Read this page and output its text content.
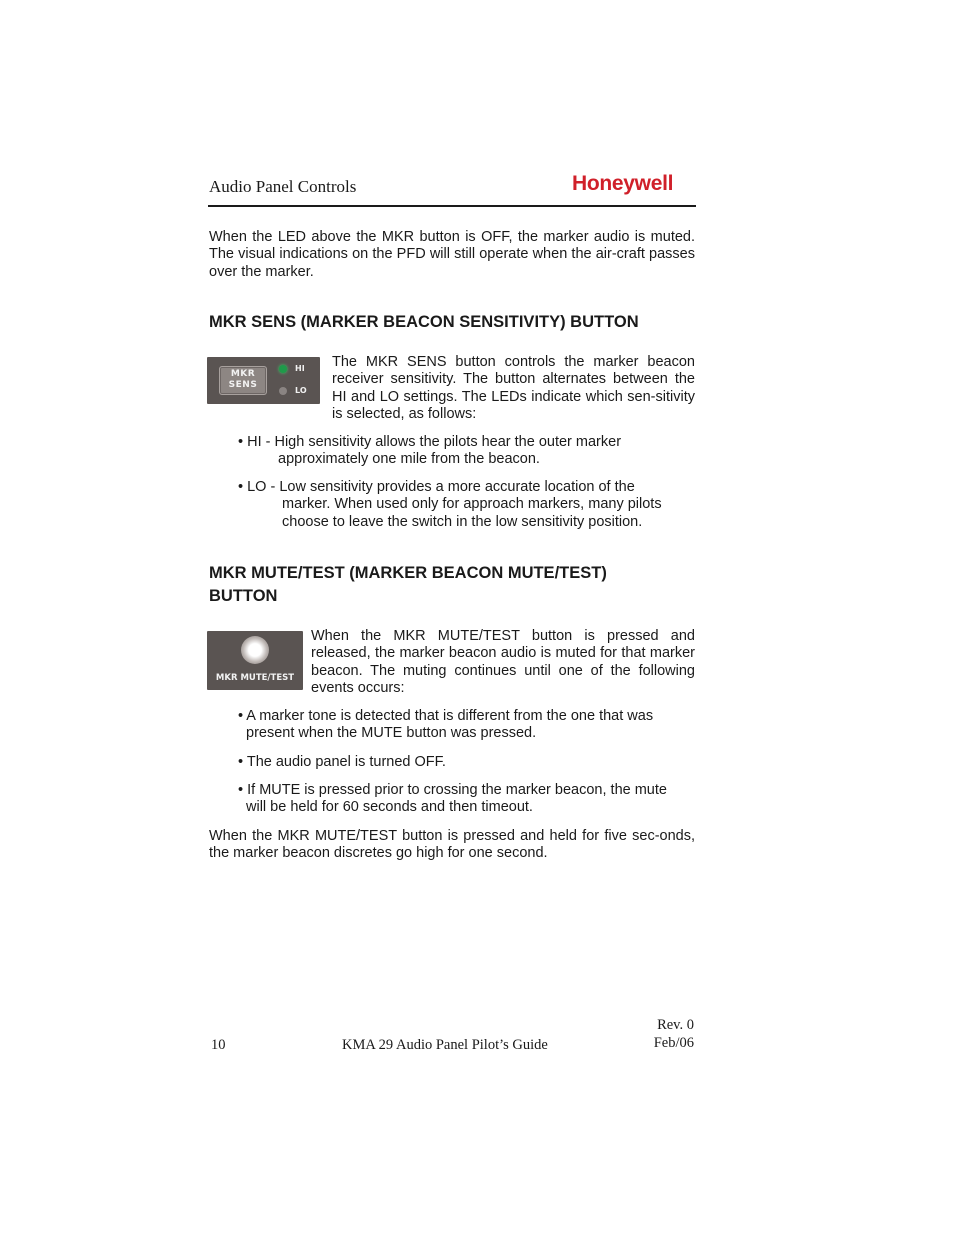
Audio Panel Controls	Honeywell
When the LED above the MKR button is OFF, the marker audio is muted. The visual indications on the PFD will still operate when the air-craft passes over the marker.
MKR SENS (MARKER BEACON SENSITIVITY) BUTTON
MKR
SENS
HI
LO
The MKR SENS button controls the marker beacon receiver sensitivity. The button alternates between the HI and LO settings. The LEDs indicate which sen-sitivity is selected, as follows:
• HI - High sensitivity allows the pilots hear the outer marker
approximately one mile from the beacon.
• LO - Low sensitivity provides a more accurate location of the
marker. When used only for approach markers, many pilots choose to leave the switch in the low sensitivity position.
MKR MUTE/TEST (MARKER BEACON MUTE/TEST)
BUTTON
MKR MUTE/TEST
When the MKR MUTE/TEST button is pressed and released, the marker beacon audio is muted for that marker beacon. The muting continues until one of the following events occurs:
• A marker tone is detected that is different from the one that was
present when the MUTE button was pressed.
• The audio panel is turned OFF.
• If MUTE is pressed prior to crossing the marker beacon, the mute
will be held for 60 seconds and then timeout.
When the MKR MUTE/TEST button is pressed and held for five sec-onds, the marker beacon discretes go high for one second.
10	KMA 29 Audio Panel Pilot’s Guide
Rev. 0
Feb/06
